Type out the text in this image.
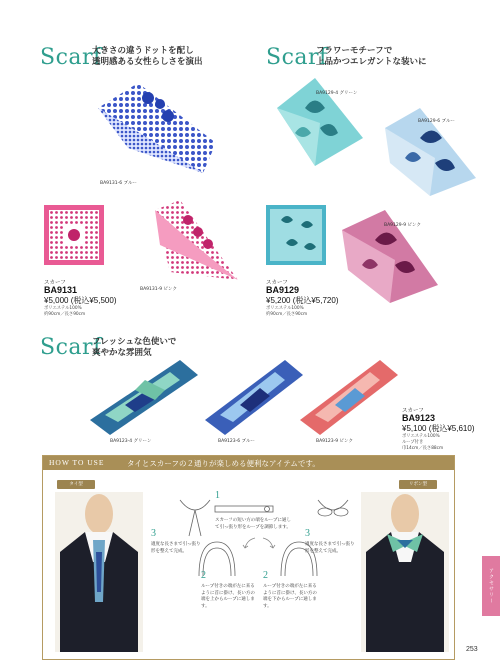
Scarf
大きさの違うドットを配し
透明感ある女性らしさを演出
BA9131-6 ブルー
BA9131-9 ピンク
スカーフ
BA9131
¥5,000 (税込¥5,500)
ポリエステル100%
約90cm／長さ90cm
Scarf
フラワーモチーフで
上品かつエレガントな装いに
BA9129-4 グリーン
BA9129-6 ブルー
BA9129-9 ピンク
スカーフ
BA9129
¥5,200 (税込¥5,720)
ポリエステル100%
約90cm／長さ90cm
Scarf
フレッシュな色使いで
爽やかな雰囲気
BA9123-4 グリーン	BA9123-6 ブルー	BA9123-9 ピンク
スカーフ
BA9123
¥5,100 (税込¥5,610)
ポリエステル100%
ループ付き
巾14cm／長さ88cm
HOW TO USE	タイとスカーフの２通りが楽しめる便利なアイテムです。
タイ型	リボン型
1
スカーフの短い方の端をループに通して引っ張り形をループを調節します。
3
適度な長さまで引っ張り形を整えて完成。
3
適度な長さまで引っ張り形を整えて完成。
2
ループ付きの端が左に来るように首に掛け、長い方の端を上からループに通します。
2
ループ付きの端が左に来るように首に掛け、長い方の端を下からループに通します。
アクセサリー
253
